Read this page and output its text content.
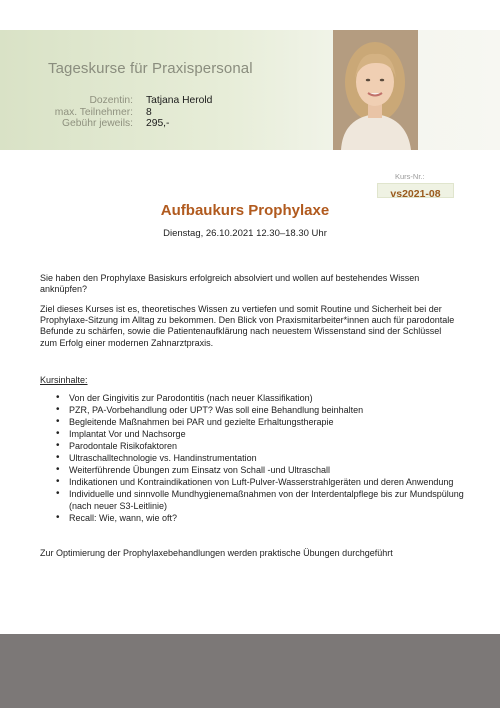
Tageskurse für Praxispersonal
Dozentin:
max. Teilnehmer:
Gebühr jeweils:
Tatjana Herold
8
295,-
Kurs-Nr.:
vs2021-08
Aufbaukurs Prophylaxe
Dienstag, 26.10.2021 12.30–18.30 Uhr
Sie haben den Prophylaxe Basiskurs erfolgreich absolviert und wollen auf bestehendes Wissen anknüpfen?
Ziel dieses Kurses ist es, theoretisches Wissen zu vertiefen und somit Routine und Sicherheit bei der Prophylaxe-Sitzung im Alltag zu bekommen. Den Blick von Praxismitarbeiter*innen auch für parodontale Befunde zu schärfen, sowie die Patientenaufklärung nach neuestem Wissenstand sind der Schlüssel zum Erfolg einer modernen Zahnarztpraxis.
Kursinhalte:
• Von der Gingivitis zur Parodontitis (nach neuer Klassifikation)
• PZR, PA-Vorbehandlung oder UPT? Was soll eine Behandlung beinhalten
• Begleitende Maßnahmen bei PAR und gezielte Erhaltungstherapie
• Implantat Vor und Nachsorge
• Parodontale Risikofaktoren
• Ultraschalltechnologie vs. Handinstrumentation
• Weiterführende Übungen zum Einsatz von Schall -und Ultraschall
• Indikationen und Kontraindikationen von Luft-Pulver-Wasserstrahlgeräten und deren Anwendung
• Individuelle und sinnvolle Mundhygienemaßnahmen von der Interdentalpflege bis zur Mundspülung (nach neuer S3-Leitlinie)
• Recall: Wie, wann, wie oft?
Zur Optimierung der Prophylaxebehandlungen werden praktische Übungen durchgeführt
